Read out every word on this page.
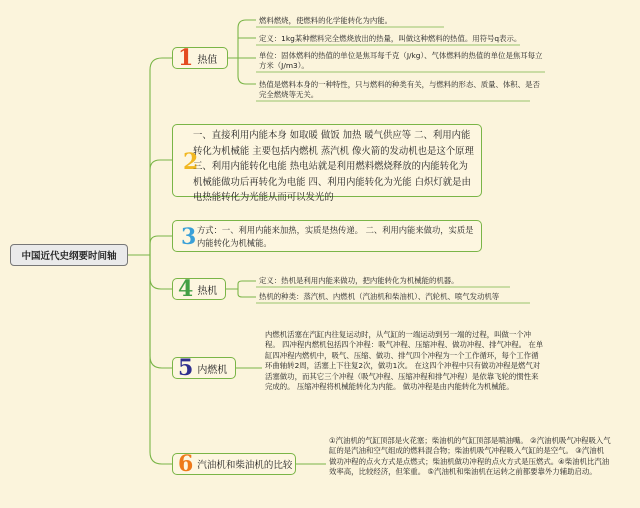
中国近代史纲要时间轴
1 热值
燃料燃烧，使燃料的化学能转化为内能。
定义：1kg某种燃料完全燃烧放出的热量，叫做这种燃料的热值。用符号q表示。
单位：固体燃料的热值的单位是焦耳每千克（J/kg）、气体燃料的热值的单位是焦耳每立方米（J/m3）。
热值是燃料本身的一种特性，只与燃料的种类有关，与燃料的形态、质量、体积、是否完全燃烧等无关。
2
一、直接利用内能本身 如取暖 做饭 加热 暖气供应等 二、利用内能转化为机械能 主要包括内燃机 蒸汽机 像火箭的发动机也是这个原理 三、利用内能转化电能 热电站就是利用燃料燃烧释放的内能转化为机械能做功后再转化为电能 四、利用内能转化为光能 白炽灯就是由电热能转化为光能从而可以发光的
3 方式：一、利用内能来加热，实质是热传递。 二、利用内能来做功，实质是内能转化为机械能。
4 热机
定义：热机是利用内能来做功，把内能转化为机械能的机器。
热机的种类：蒸汽机、内燃机（汽油机和柴油机）、汽轮机、喷气发动机等
5 内燃机
内燃机活塞在汽缸内往复运动时，从气缸的一端运动到另一端的过程，叫做一个冲程。 四冲程内燃机包括四个冲程：吸气冲程、压缩冲程、做功冲程、排气冲程。 在单缸四冲程内燃机中，吸气、压缩、做功、排气四个冲程为一个工作循环，每个工作循环曲轴转2周，活塞上下往复2次，做功1次。 在这四个冲程中只有做功冲程是燃气对活塞做功，而其它三个冲程（吸气冲程、压缩冲程和排气冲程）是依靠飞轮的惯性来完成的。 压缩冲程将机械能转化为内能。 做功冲程是由内能转化为机械能。
6 汽油机和柴油机的比较
①汽油机的气缸顶部是火花塞；柴油机的气缸顶部是喷油嘴。 ②汽油机吸气冲程吸入气缸的是汽油和空气组成的燃料混合物；柴油机吸气冲程吸入气缸的是空气。 ③汽油机做功冲程的点火方式是点燃式；柴油机做功冲程的点火方式是压燃式。④柴油机比汽油效率高，比较经济，但笨重。 ⑤汽油机和柴油机在运转之前都要靠外力辅助启动。
